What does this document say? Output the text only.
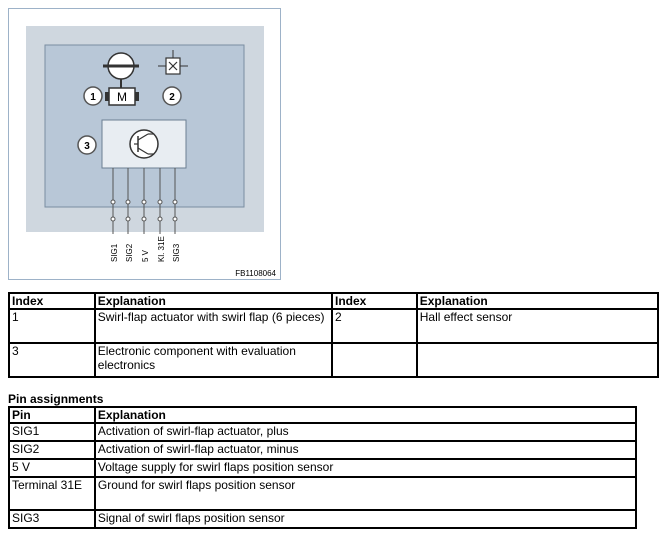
M
1	2
3
SIG1 SIG2 5 V Kl. 31E SIG3
FB1108064
Index	Explanation	Index	Explanation
1	Swirl-flap actuator with swirl flap (6 pieces)	2	Hall effect sensor
3	Electronic component with evaluation electronics		
Pin assignments
Pin	Explanation
SIG1	Activation of swirl-flap actuator, plus
SIG2	Activation of swirl-flap actuator, minus
5 V	Voltage supply for swirl flaps position sensor
Terminal 31E	Ground for swirl flaps position sensor
SIG3	Signal of swirl flaps position sensor
